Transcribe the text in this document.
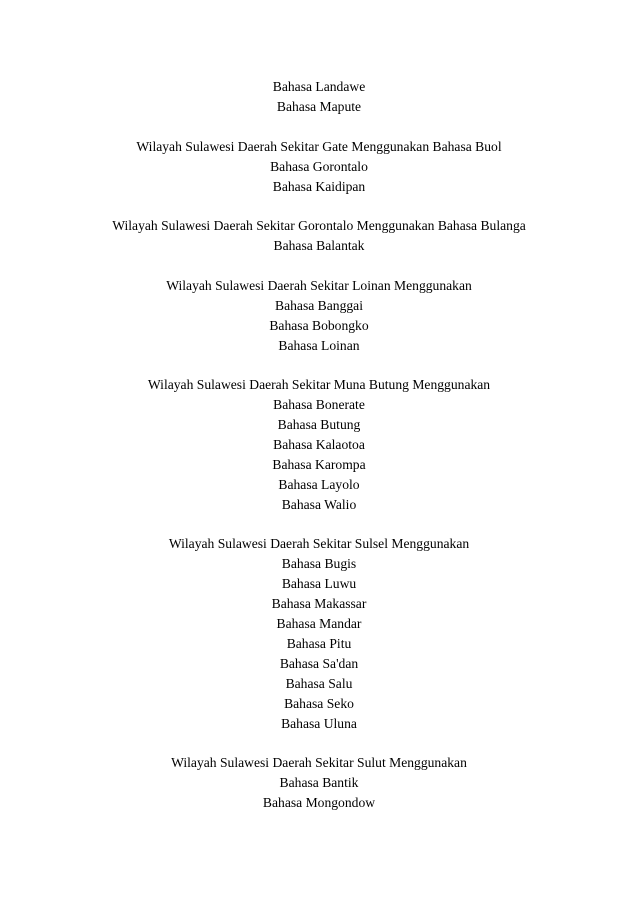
Bahasa Landawe
Bahasa Mapute
Wilayah Sulawesi Daerah Sekitar Gate Menggunakan Bahasa Buol
Bahasa Gorontalo
Bahasa Kaidipan
Wilayah Sulawesi Daerah Sekitar Gorontalo Menggunakan Bahasa Bulanga
Bahasa Balantak
Wilayah Sulawesi Daerah Sekitar Loinan Menggunakan
Bahasa Banggai
Bahasa Bobongko
Bahasa Loinan
Wilayah Sulawesi Daerah Sekitar Muna Butung Menggunakan
Bahasa Bonerate
Bahasa Butung
Bahasa Kalaotoa
Bahasa Karompa
Bahasa Layolo
Bahasa Walio
Wilayah Sulawesi Daerah Sekitar Sulsel Menggunakan
Bahasa Bugis
Bahasa Luwu
Bahasa Makassar
Bahasa Mandar
Bahasa Pitu
Bahasa Sa'dan
Bahasa Salu
Bahasa Seko
Bahasa Uluna
Wilayah Sulawesi Daerah Sekitar Sulut Menggunakan
Bahasa Bantik
Bahasa Mongondow
